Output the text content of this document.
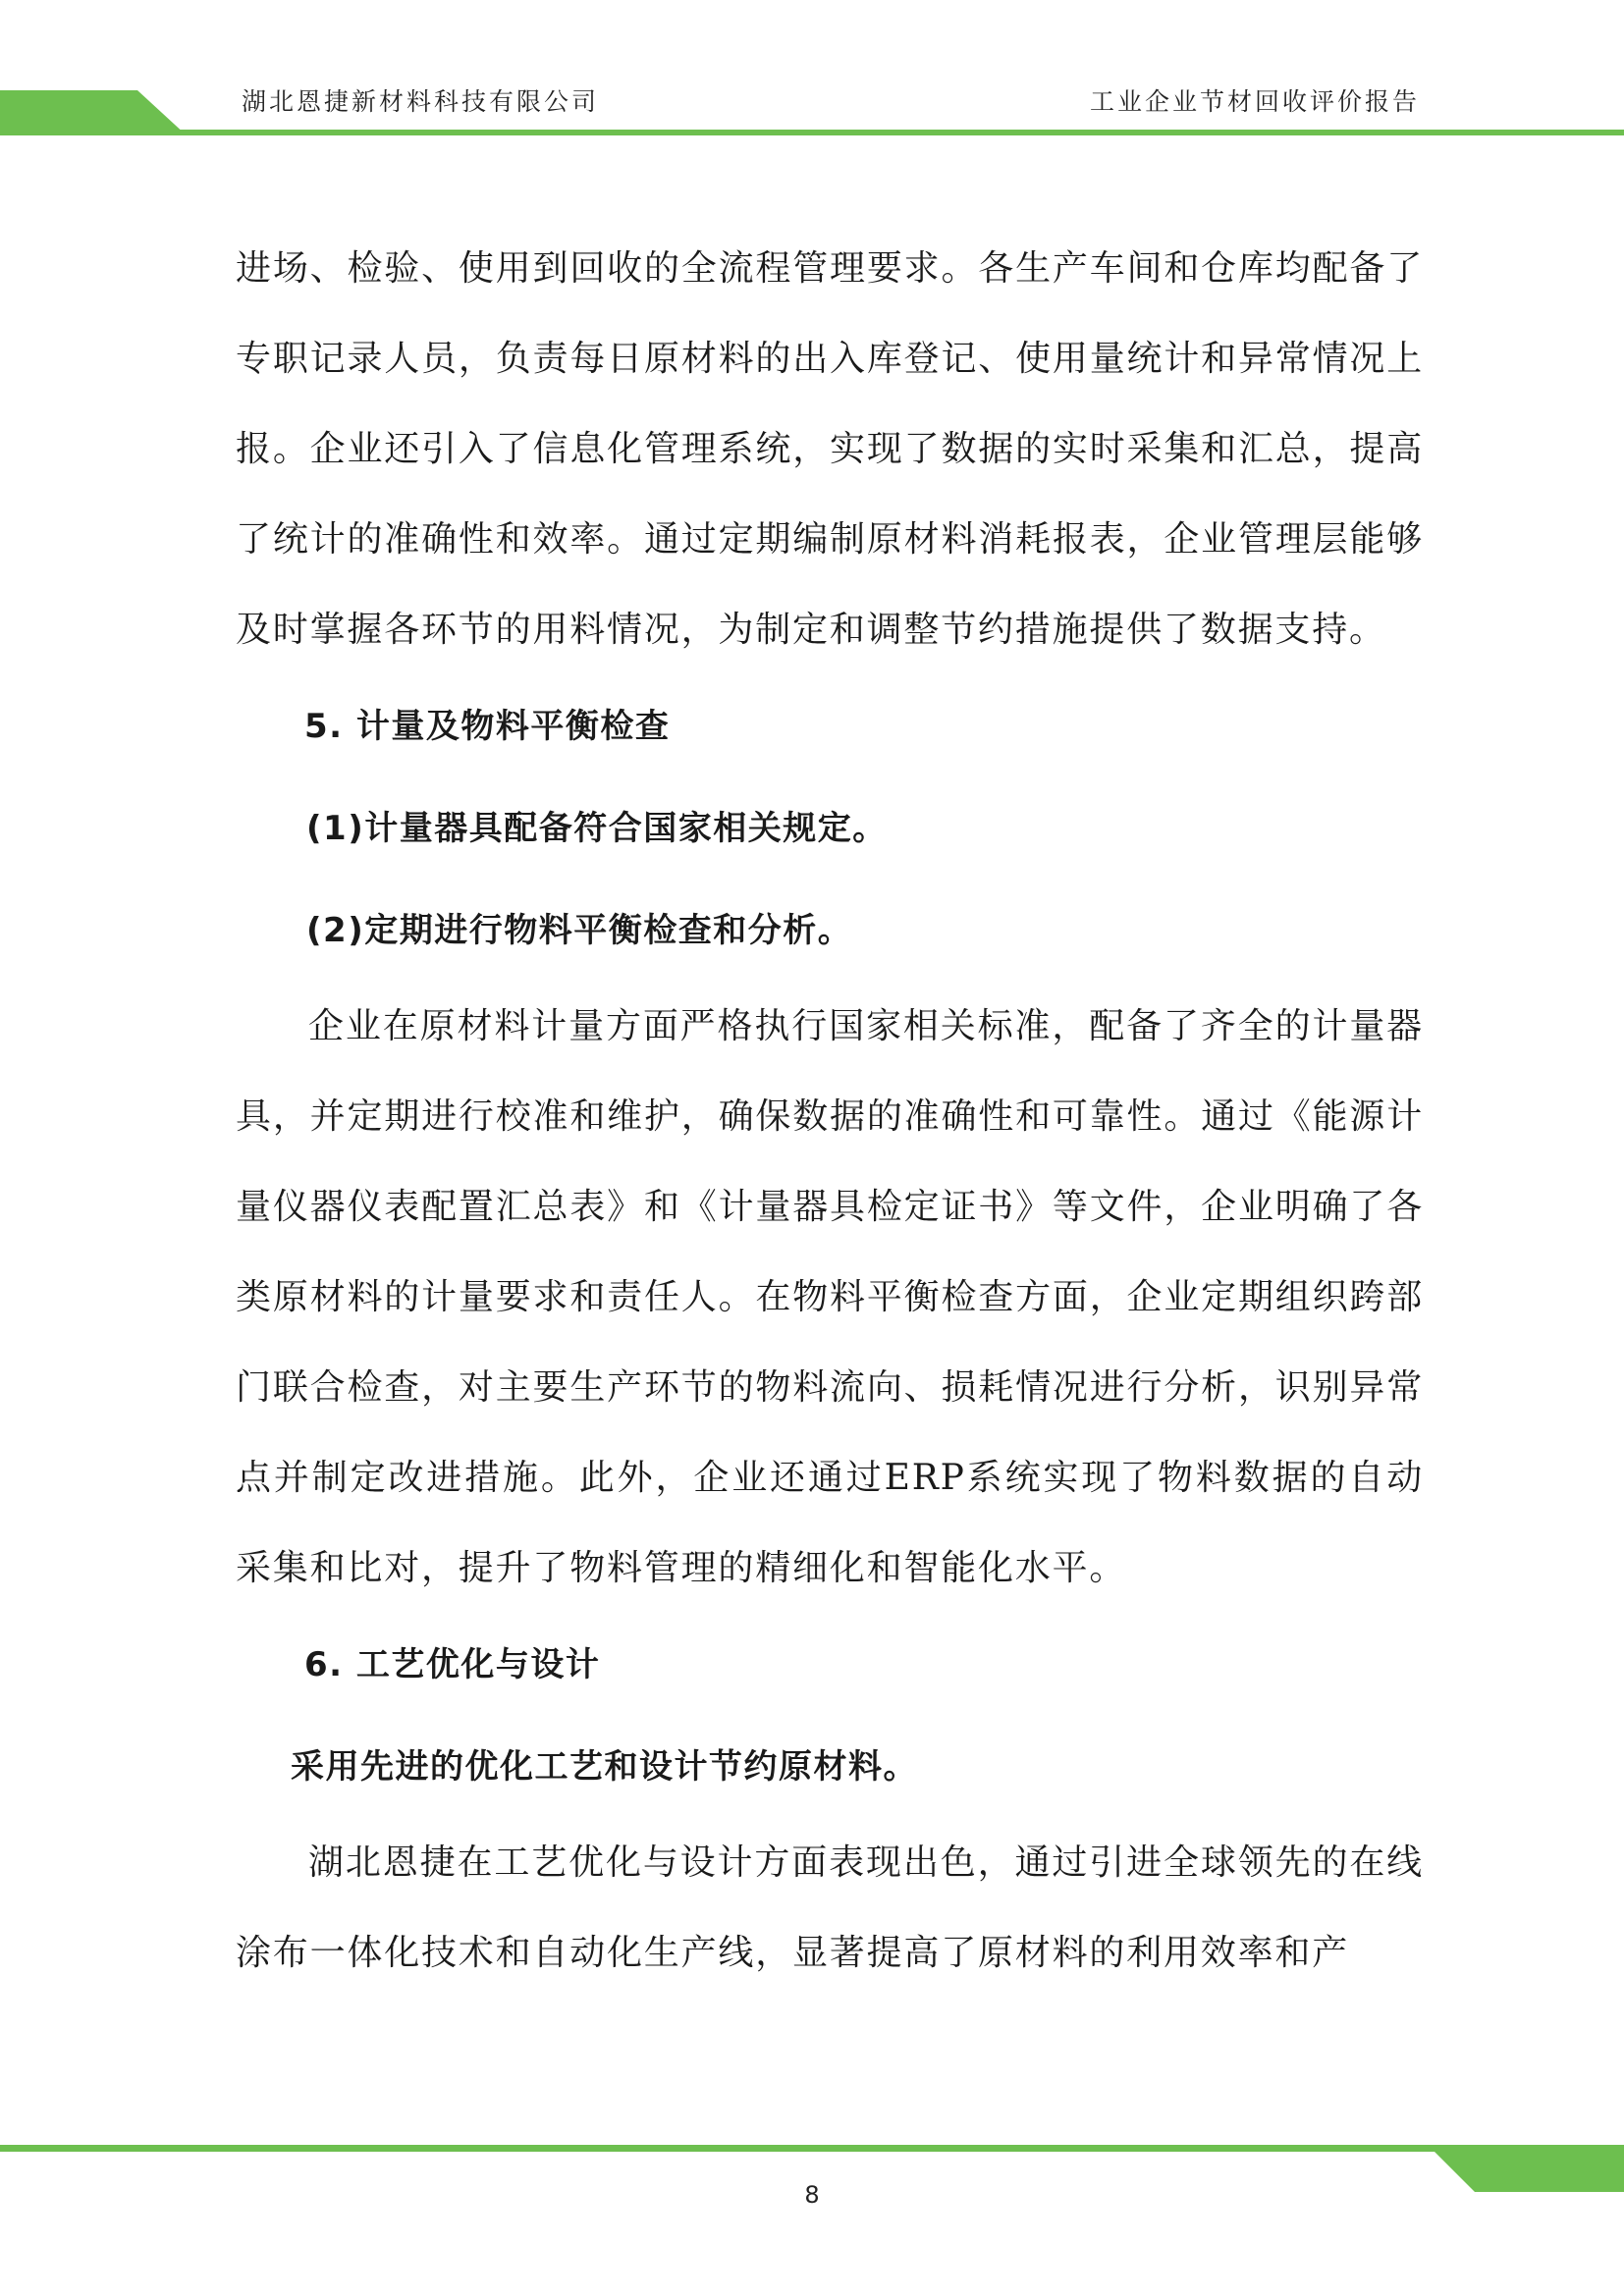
湖北恩捷新材料科技有限公司	工业企业节材回收评价报告

进场、检验、使用到回收的全流程管理要求。各生产车间和仓库均配备了专职记录人员，负责每日原材料的出入库登记、使用量统计和异常情况上报。企业还引入了信息化管理系统，实现了数据的实时采集和汇总，提高了统计的准确性和效率。通过定期编制原材料消耗报表，企业管理层能够及时掌握各环节的用料情况，为制定和调整节约措施提供了数据支持。

5. 计量及物料平衡检查

(1)计量器具配备符合国家相关规定。

(2)定期进行物料平衡检查和分析。

企业在原材料计量方面严格执行国家相关标准，配备了齐全的计量器具，并定期进行校准和维护，确保数据的准确性和可靠性。通过《能源计量仪器仪表配置汇总表》和《计量器具检定证书》等文件，企业明确了各类原材料的计量要求和责任人。在物料平衡检查方面，企业定期组织跨部门联合检查，对主要生产环节的物料流向、损耗情况进行分析，识别异常点并制定改进措施。此外，企业还通过ERP系统实现了物料数据的自动采集和比对，提升了物料管理的精细化和智能化水平。

6. 工艺优化与设计

采用先进的优化工艺和设计节约原材料。

湖北恩捷在工艺优化与设计方面表现出色，通过引进全球领先的在线涂布一体化技术和自动化生产线，显著提高了原材料的利用效率和产

8
